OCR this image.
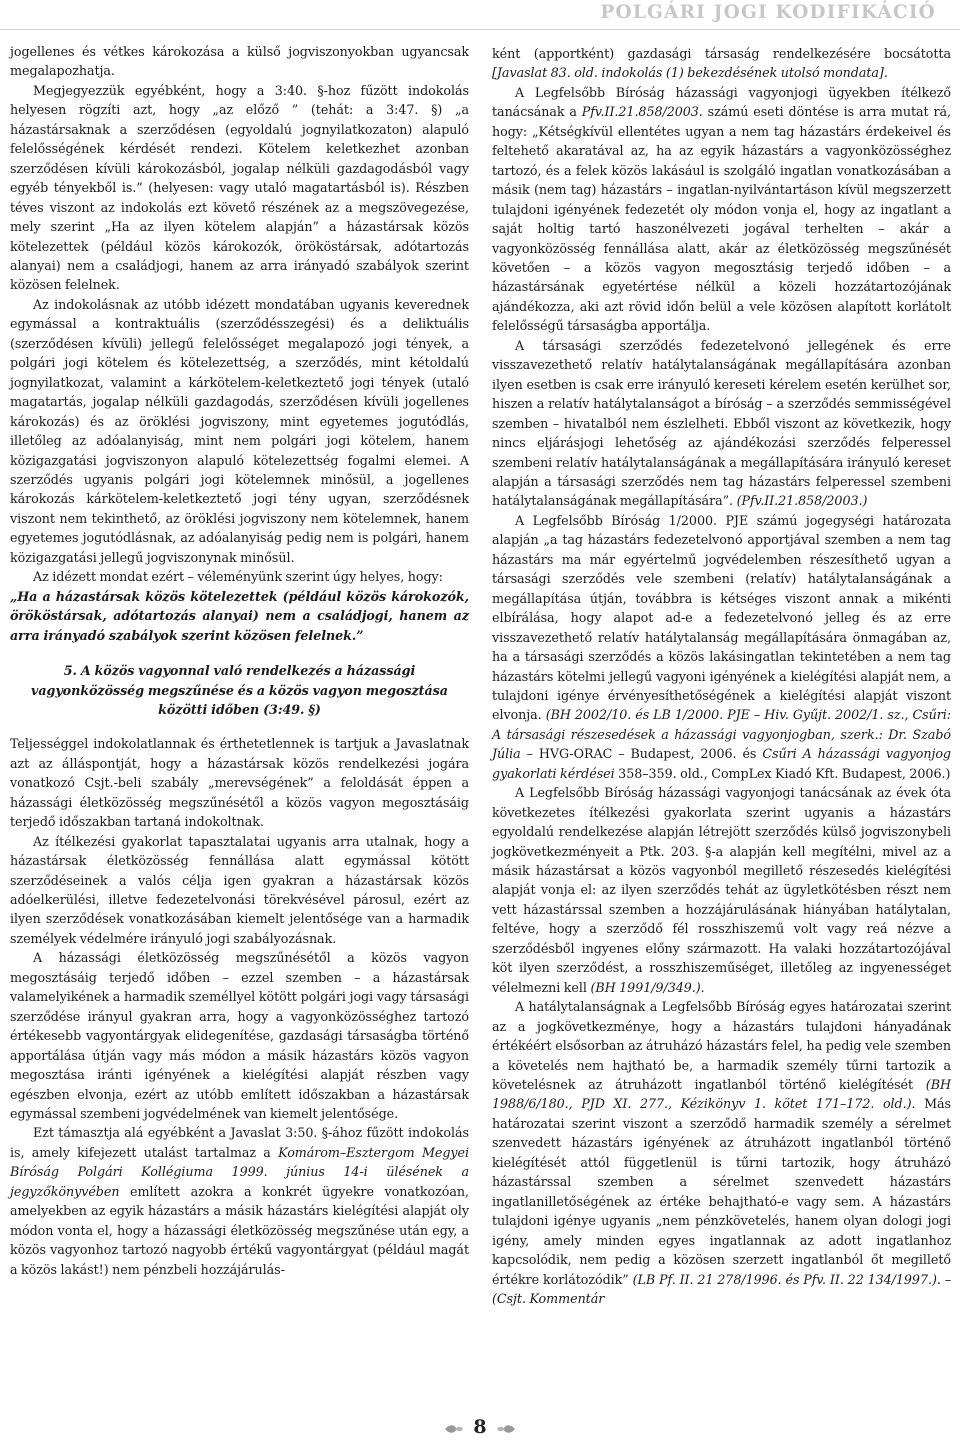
POLGÁRI JOGI KODIFIKÁCIÓ

jogellenes és vétkes károkozása a külső jogviszonyokban ugyancsak megalapozhatja.

Megjegyezzük egyébként, hogy a 3:40. §-hoz fűzött indokolás helyesen rögzíti azt, hogy „az előző ” (tehát: a 3:47. §) „a házastársaknak a szerződésen (egyoldalú jognyilatkozaton) alapuló felelősségének kérdését rendezi. Kötelem keletkezhet azonban szerződésen kívüli károkozásból, jogalap nélküli gazdagodásból vagy egyéb tényekből is.” (helyesen: vagy utaló magatartásból is). Részben téves viszont az indokolás ezt követő részének az a megszövegezése, mely szerint „Ha az ilyen kötelem alapján” a házastársak közös kötelezettek (például közös károkozók, örököstársak, adótartozás alanyai) nem a családjogi, hanem az arra irányadó szabályok szerint közösen felelnek.

Az indokolásnak az utóbb idézett mondatában ugyanis keverednek egymással a kontraktuális (szerződésszegési) és a deliktuális (szerződésen kívüli) jellegű felelősséget megalapozó jogi tények, a polgári jogi kötelem és kötelezettség, a szerződés, mint kétoldalú jognyilatkozat, valamint a kárkötelem-keletkeztető jogi tények (utaló magatartás, jogalap nélküli gazdagodás, szerződésen kívüli jogellenes károkozás) és az öröklési jogviszony, mint egyetemes jogutódlás, illetőleg az adóalanyiság, mint nem polgári jogi kötelem, hanem közigazgatási jogviszonyon alapuló kötelezettség fogalmi elemei. A szerződés ugyanis polgári jogi kötelemnek minősül, a jogellenes károkozás kárkötelem-keletkeztető jogi tény ugyan, szerződésnek viszont nem tekinthető, az öröklési jogviszony nem kötelemnek, hanem egyetemes jogutódlásnak, az adóalanyiság pedig nem is polgári, hanem közigazgatási jellegű jogviszonynak minősül.

Az idézett mondat ezért – véleményünk szerint úgy helyes, hogy:

„Ha a házastársak közös kötelezettek (például közös károkozók, örököstársak, adótartozás alanyai) nem a családjogi, hanem az arra irányadó szabályok szerint közösen felelnek.”

5. A közös vagyonnal való rendelkezés a házassági
vagyonközösség megszűnése és a közös vagyon megosztása
közötti időben (3:49. §)

Teljességgel indokolatlannak és érthetetlennek is tartjuk a Javaslatnak azt az álláspontját, hogy a házastársak közös rendelkezési jogára vonatkozó Csjt.-beli szabály „merevségének” a feloldását éppen a házassági életközösség megszűnésétől a közös vagyon megosztásáig terjedő időszakban tartaná indokoltnak.

Az ítélkezési gyakorlat tapasztalatai ugyanis arra utalnak, hogy a házastársak életközösség fennállása alatt egymással kötött szerződéseinek a valós célja igen gyakran a házastársak közös adóelkerülési, illetve fedezetelvonási törekvésével párosul, ezért az ilyen szerződések vonatkozásában kiemelt jelentősége van a harmadik személyek védelmére irányuló jogi szabályozásnak.

A házassági életközösség megszűnésétől a közös vagyon megosztásáig terjedő időben – ezzel szemben – a házastársak valamelyikének a harmadik személlyel kötött polgári jogi vagy társasági szerződése irányul gyakran arra, hogy a vagyonközösséghez tartozó értékesebb vagyontárgyak elidegenítése, gazdasági társaságba történő apportálása útján vagy más módon a másik házastárs közös vagyon megosztása iránti igényének a kielégítési alapját részben vagy egészben elvonja, ezért az utóbb említett időszakban a házastársak egymással szembeni jogvédelmének van kiemelt jelentősége.

Ezt támasztja alá egyébként a Javaslat 3:50. §-ához fűzött indokolás is, amely kifejezett utalást tartalmaz a Komárom–Esztergom Megyei Bíróság Polgári Kollégiuma 1999. június 14-i ülésének a jegyzőkönyvében említett azokra a konkrét ügyekre vonatkozóan, amelyekben az egyik házastárs a másik házastárs kielégítési alapját oly módon vonta el, hogy a házassági életközösség megszűnése után egy, a közös vagyonhoz tartozó nagyobb értékű vagyontárgyat (például magát a közös lakást!) nem pénzbeli hozzájárulás-

ként (apportként) gazdasági társaság rendelkezésére bocsátotta [Javaslat 83. old. indokolás (1) bekezdésének utolsó mondata].

A Legfelsőbb Bíróság házassági vagyonjogi ügyekben ítélkező tanácsának a Pfv.II.21.858/2003. számú eseti döntése is arra mutat rá, hogy: „Kétségkívül ellentétes ugyan a nem tag házastárs érdekeivel és feltehető akaratával az, ha az egyik házastárs a vagyonközösséghez tartozó, és a felek közös lakásául is szolgáló ingatlan vonatkozásában a másik (nem tag) házastárs – ingatlan-nyilvántartáson kívül megszerzett tulajdoni igényének fedezetét oly módon vonja el, hogy az ingatlant a saját holtig tartó haszonélvezeti jogával terhelten – akár a vagyonközösség fennállása alatt, akár az életközösség megszűnését követően – a közös vagyon megosztásig terjedő időben – a házastársának egyetértése nélkül a közeli hozzátartozójának ajándékozza, aki azt rövid időn belül a vele közösen alapított korlátolt felelősségű társaságba apportálja.

A társasági szerződés fedezetelvonó jellegének és erre visszavezethető relatív hatálytalanságának megállapítására azonban ilyen esetben is csak erre irányuló kereseti kérelem esetén kerülhet sor, hiszen a relatív hatálytalanságot a bíróság – a szerződés semmisségével szemben – hivatalból nem észlelheti. Ebből viszont az következik, hogy nincs eljárásjogi lehetőség az ajándékozási szerződés felperessel szembeni relatív hatálytalanságának a megállapítására irányuló kereset alapján a társasági szerződés nem tag házastárs felperessel szembeni hatálytalanságának megállapítására”. (Pfv.II.21.858/2003.)

A Legfelsőbb Bíróság 1/2000. PJE számú jogegységi határozata alapján „a tag házastárs fedezetelvonó apportjával szemben a nem tag házastárs ma már egyértelmű jogvédelemben részesíthető ugyan a társasági szerződés vele szembeni (relatív) hatálytalanságának a megállapítása útján, továbbra is kétséges viszont annak a mikénti elbírálása, hogy alapot ad-e a fedezetelvonó jelleg és az erre visszavezethető relatív hatálytalanság megállapítására önmagában az, ha a társasági szerződés a közös lakásingatlan tekintetében a nem tag házastárs kötelmi jellegű vagyoni igényének a kielégítési alapját nem, a tulajdoni igénye érvényesíthetőségének a kielégítési alapját viszont elvonja. (BH 2002/10. és LB 1/2000. PJE – Hiv. Gyűjt. 2002/1. sz., Csűri: A társasági részesedések a házassági vagyonjogban, szerk.: Dr. Szabó Júlia – HVG-ORAC – Budapest, 2006. és Csűri A házassági vagyonjog gyakorlati kérdései 358–359. old., CompLex Kiadó Kft. Budapest, 2006.)

A Legfelsőbb Bíróság házassági vagyonjogi tanácsának az évek óta következetes ítélkezési gyakorlata szerint ugyanis a házastárs egyoldalú rendelkezése alapján létrejött szerződés külső jogviszonybeli jogkövetkezményeit a Ptk. 203. §-a alapján kell megítélni, mivel az a másik házastársat a közös vagyonból megillető részesedés kielégítési alapját vonja el: az ilyen szerződés tehát az ügyletkötésben részt nem vett házastárssal szemben a hozzájárulásának hiányában hatálytalan, feltéve, hogy a szerződő fél rosszhiszemű volt vagy reá nézve a szerződésből ingyenes előny származott. Ha valaki hozzátartozójával köt ilyen szerződést, a rosszhiszeműséget, illetőleg az ingyenességet vélelmezni kell (BH 1991/9/349.).

A hatálytalanságnak a Legfelsőbb Bíróság egyes határozatai szerint az a jogkövetkezménye, hogy a házastárs tulajdoni hányadának értékéért elsősorban az átruházó házastárs felel, ha pedig vele szemben a követelés nem hajtható be, a harmadik személy tűrni tartozik a követelésnek az átruházott ingatlanból történő kielégítését (BH 1988/6/180., PJD XI. 277., Kézikönyv 1. kötet 171–172. old.). Más határozatai szerint viszont a szerződő harmadik személy a sérelmet szenvedett házastárs igényének az átruházott ingatlanból történő kielégítését attól függetlenül is tűrni tartozik, hogy átruházó házastárssal szemben a sérelmet szenvedett házastárs ingatlanilletőségének az értéke behajtható-e vagy sem. A házastárs tulajdoni igénye ugyanis „nem pénzkövetelés, hanem olyan dologi jogi igény, amely minden egyes ingatlannak az adott ingatlanhoz kapcsolódik, nem pedig a közösen szerzett ingatlanból őt megillető értékre korlátozódik” (LB Pf. II. 21 278/1996. és Pfv. II. 22 134/1997.). – (Csjt. Kommentár

8
